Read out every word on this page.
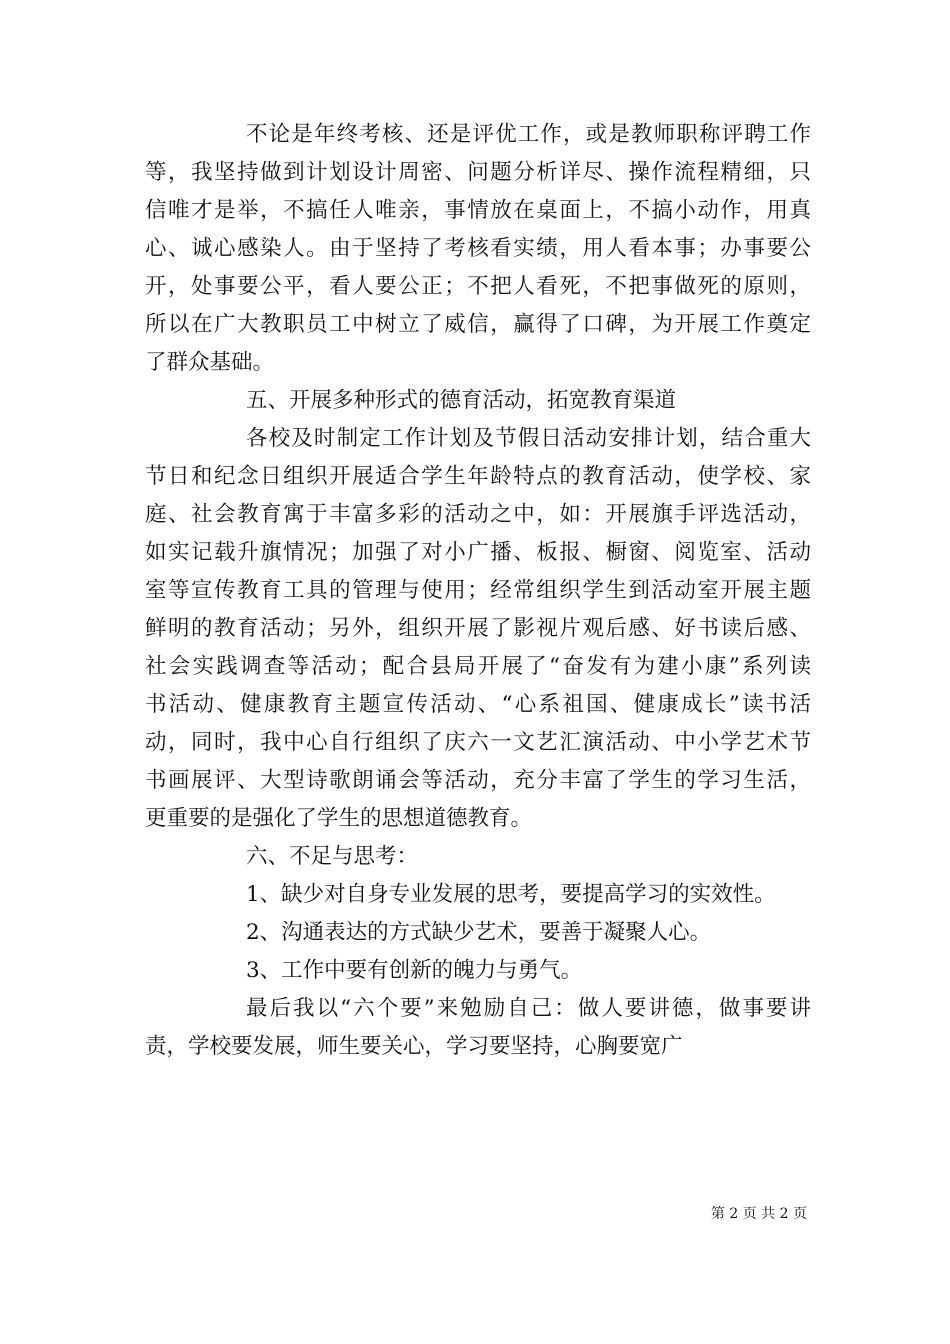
不论是年终考核、还是评优工作，或是教师职称评聘工作
等，我坚持做到计划设计周密、问题分析详尽、操作流程精细，只
信唯才是举，不搞任人唯亲，事情放在桌面上，不搞小动作，用真
心、诚心感染人。由于坚持了考核看实绩，用人看本事；办事要公
开，处事要公平，看人要公正；不把人看死，不把事做死的原则，
所以在广大教职员工中树立了威信，赢得了口碑，为开展工作奠定
了群众基础。
五、开展多种形式的德育活动，拓宽教育渠道
各校及时制定工作计划及节假日活动安排计划，结合重大
节日和纪念日组织开展适合学生年龄特点的教育活动，使学校、家
庭、社会教育寓于丰富多彩的活动之中，如：开展旗手评选活动，
如实记载升旗情况；加强了对小广播、板报、橱窗、阅览室、活动
室等宣传教育工具的管理与使用；经常组织学生到活动室开展主题
鲜明的教育活动；另外，组织开展了影视片观后感、好书读后感、
社会实践调查等活动；配合县局开展了“奋发有为建小康”系列读
书活动、健康教育主题宣传活动、“心系祖国、健康成长”读书活
动，同时，我中心自行组织了庆六一文艺汇演活动、中小学艺术节
书画展评、大型诗歌朗诵会等活动，充分丰富了学生的学习生活，
更重要的是强化了学生的思想道德教育。
六、不足与思考：
1、缺少对自身专业发展的思考，要提高学习的实效性。
2、沟通表达的方式缺少艺术，要善于凝聚人心。
3、工作中要有创新的魄力与勇气。
最后我以“六个要”来勉励自己：做人要讲德，做事要讲
责，学校要发展，师生要关心，学习要坚持，心胸要宽广
第 2 页 共 2 页
